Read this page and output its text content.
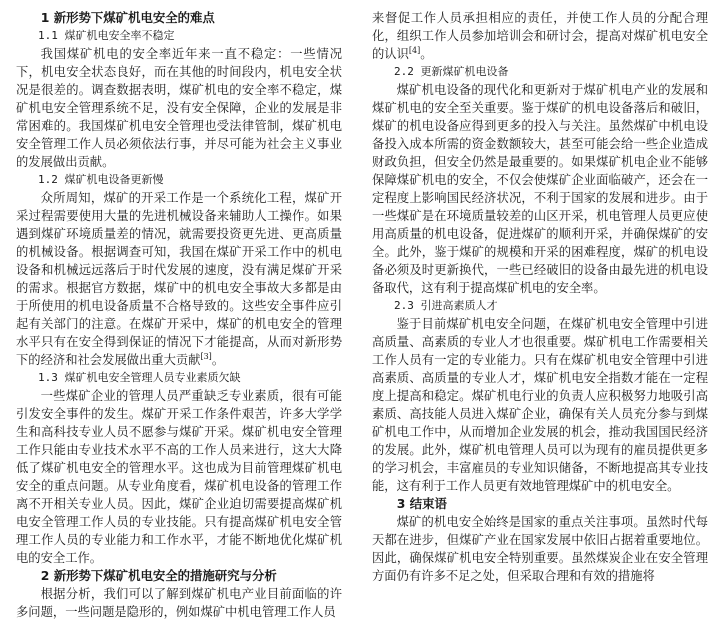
1 新形势下煤矿机电安全的难点
1.1 煤矿机电安全率不稳定

我国煤矿机电的安全率近年来一直不稳定：一些情况下，机电安全状态良好，而在其他的时间段内，机电安全状况是很差的。调查数据表明，煤矿机电的安全率不稳定，煤矿机电安全管理系统不足，没有安全保障，企业的发展是非常困难的。我国煤矿机电安全管理也受法律管制，煤矿机电安全管理工作人员必须依法行事，并尽可能为社会主义事业的发展做出贡献。

1.2 煤矿机电设备更新慢

众所周知，煤矿的开采工作是一个系统化工程，煤矿开采过程需要使用大量的先进机械设备来辅助人工操作。如果遇到煤矿环境质量差的情况，就需要投资更先进、更高质量的机械设备。根据调查可知，我国在煤矿开采工作中的机电设备和机械远远落后于时代发展的速度，没有满足煤矿开采的需求。根据官方数据，煤矿中的机电安全事故大多都是由于所使用的机电设备质量不合格导致的。这些安全事件应引起有关部门的注意。在煤矿开采中，煤矿的机电安全的管理水平只有在安全得到保证的情况下才能提高，从而对新形势下的经济和社会发展做出重大贡献[3]。

1.3 煤矿机电安全管理人员专业素质欠缺

一些煤矿企业的管理人员严重缺乏专业素质，很有可能引发安全事件的发生。煤矿开采工作条件艰苦，许多大学学生和高科技专业人员不愿参与煤矿开采。煤矿机电安全管理工作只能由专业技术水平不高的工作人员来进行，这大大降低了煤矿机电安全的管理水平。这也成为目前管理煤矿机电安全的重点问题。从专业角度看，煤矿机电设备的管理工作离不开相关专业人员。因此，煤矿企业迫切需要提高煤矿机电安全管理工作人员的专业技能。只有提高煤矿机电安全管理工作人员的专业能力和工作水平，才能不断地优化煤矿机电的安全工作。

2 新形势下煤矿机电安全的措施研究与分析

根据分析，我们可以了解到煤矿机电产业目前面临的许多问题，一些问题是隐形的，例如煤矿中机电管理工作人员

来督促工作人员承担相应的责任，并使工作人员的分配合理化，组织工作人员参加培训会和研讨会，提高对煤矿机电安全的认识[4]。

2.2 更新煤矿机电设备

煤矿机电设备的现代化和更新对于煤矿机电产业的发展和煤矿机电的安全至关重要。鉴于煤矿的机电设备落后和破旧，煤矿的机电设备应得到更多的投入与关注。虽然煤矿中机电设备投入成本所需的资金数额较大，甚至可能会给一些企业造成财政负担，但安全仍然是最重要的。如果煤矿机电企业不能够保障煤矿机电的安全，不仅会使煤矿企业面临破产，还会在一定程度上影响国民经济状况，不利于国家的发展和进步。由于一些煤矿是在环境质量较差的山区开采，机电管理人员更应使用高质量的机电设备，促进煤矿的顺利开采，并确保煤矿的安全。此外，鉴于煤矿的规模和开采的困难程度，煤矿的机电设备必须及时更新换代，一些已经破旧的设备由最先进的机电设备取代，这有利于提高煤矿机电的安全率。

2.3 引进高素质人才

鉴于目前煤矿机电安全问题，在煤矿机电安全管理中引进高质量、高素质的专业人才也很重要。煤矿机电工作需要相关工作人员有一定的专业能力。只有在煤矿机电安全管理中引进高素质、高质量的专业人才，煤矿机电安全指数才能在一定程度上提高和稳定。煤矿机电行业的负责人应积极努力地吸引高素质、高技能人员进入煤矿企业，确保有关人员充分参与到煤矿机电工作中，从而增加企业发展的机会，推动我国国民经济的发展。此外，煤矿机电管理人员可以为现有的雇员提供更多的学习机会，丰富雇员的专业知识储备，不断地提高其专业技能，这有利于工作人员更有效地管理煤矿中的机电安全。

3 结束语

煤矿的机电安全始终是国家的重点关注事项。虽然时代每天都在进步，但煤矿产业在国家发展中依旧占据着重要地位。因此，确保煤矿机电安全特别重要。虽然煤炭企业在安全管理方面仍有许多不足之处，但采取合理和有效的措施将
